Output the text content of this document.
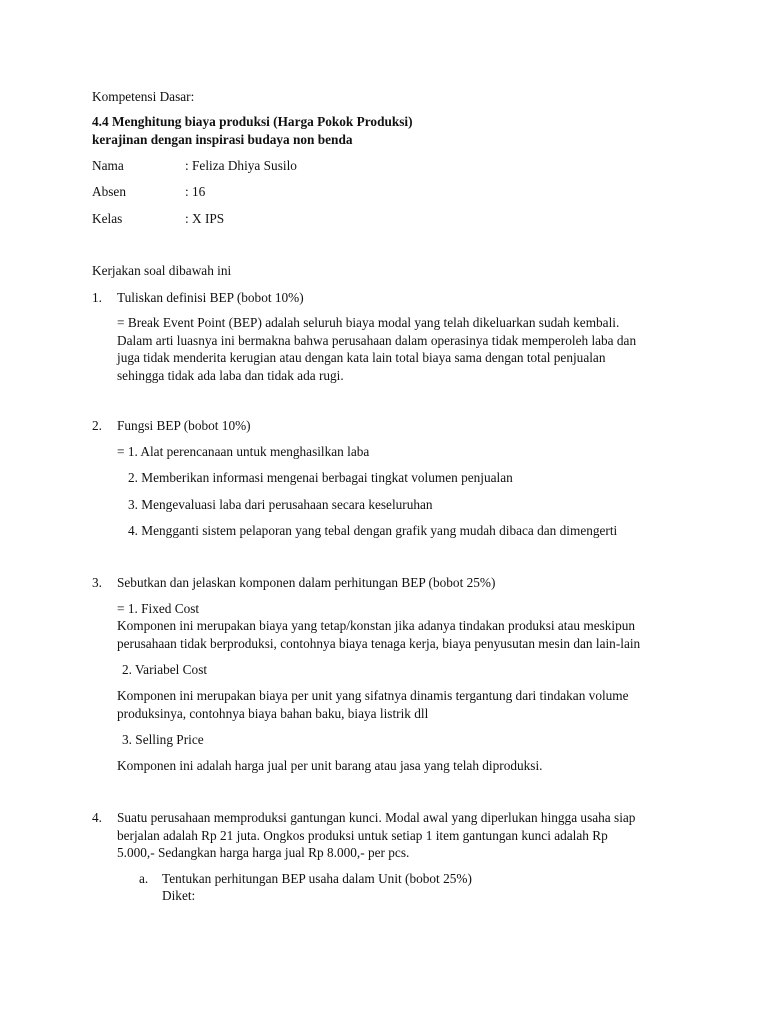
Kompetensi Dasar:
4.4 Menghitung biaya produksi (Harga Pokok Produksi)
kerajinan dengan inspirasi budaya non benda
Nama	: Feliza Dhiya Susilo
Absen	: 16
Kelas	: X IPS
Kerjakan soal dibawah ini
1. Tuliskan definisi BEP (bobot 10%)
= Break Event Point (BEP) adalah seluruh biaya modal yang telah dikeluarkan sudah kembali.
Dalam arti luasnya ini bermakna bahwa perusahaan dalam operasinya tidak memperoleh laba dan
juga tidak menderita kerugian atau dengan kata lain total biaya sama dengan total penjualan
sehingga tidak ada laba dan tidak ada rugi.
2. Fungsi BEP (bobot 10%)
= 1. Alat perencanaan untuk menghasilkan laba
2. Memberikan informasi mengenai berbagai tingkat volumen penjualan
3. Mengevaluasi laba dari perusahaan secara keseluruhan
4. Mengganti sistem pelaporan yang tebal dengan grafik yang mudah dibaca dan dimengerti
3. Sebutkan dan jelaskan komponen dalam perhitungan BEP (bobot 25%)
= 1. Fixed Cost
Komponen ini merupakan biaya yang tetap/konstan jika adanya tindakan produksi atau meskipun
perusahaan tidak berproduksi, contohnya biaya tenaga kerja, biaya penyusutan mesin dan lain-lain
2. Variabel Cost
Komponen ini merupakan biaya per unit yang sifatnya dinamis tergantung dari tindakan volume
produksinya, contohnya biaya bahan baku, biaya listrik dll
3. Selling Price
Komponen ini adalah harga jual per unit barang atau jasa yang telah diproduksi.
4. Suatu perusahaan memproduksi gantungan kunci. Modal awal yang diperlukan hingga usaha siap
berjalan adalah Rp 21 juta. Ongkos produksi untuk setiap 1 item gantungan kunci adalah Rp
5.000,- Sedangkan harga harga jual Rp 8.000,- per pcs.
a. Tentukan perhitungan BEP usaha dalam Unit (bobot 25%)
Diket:
